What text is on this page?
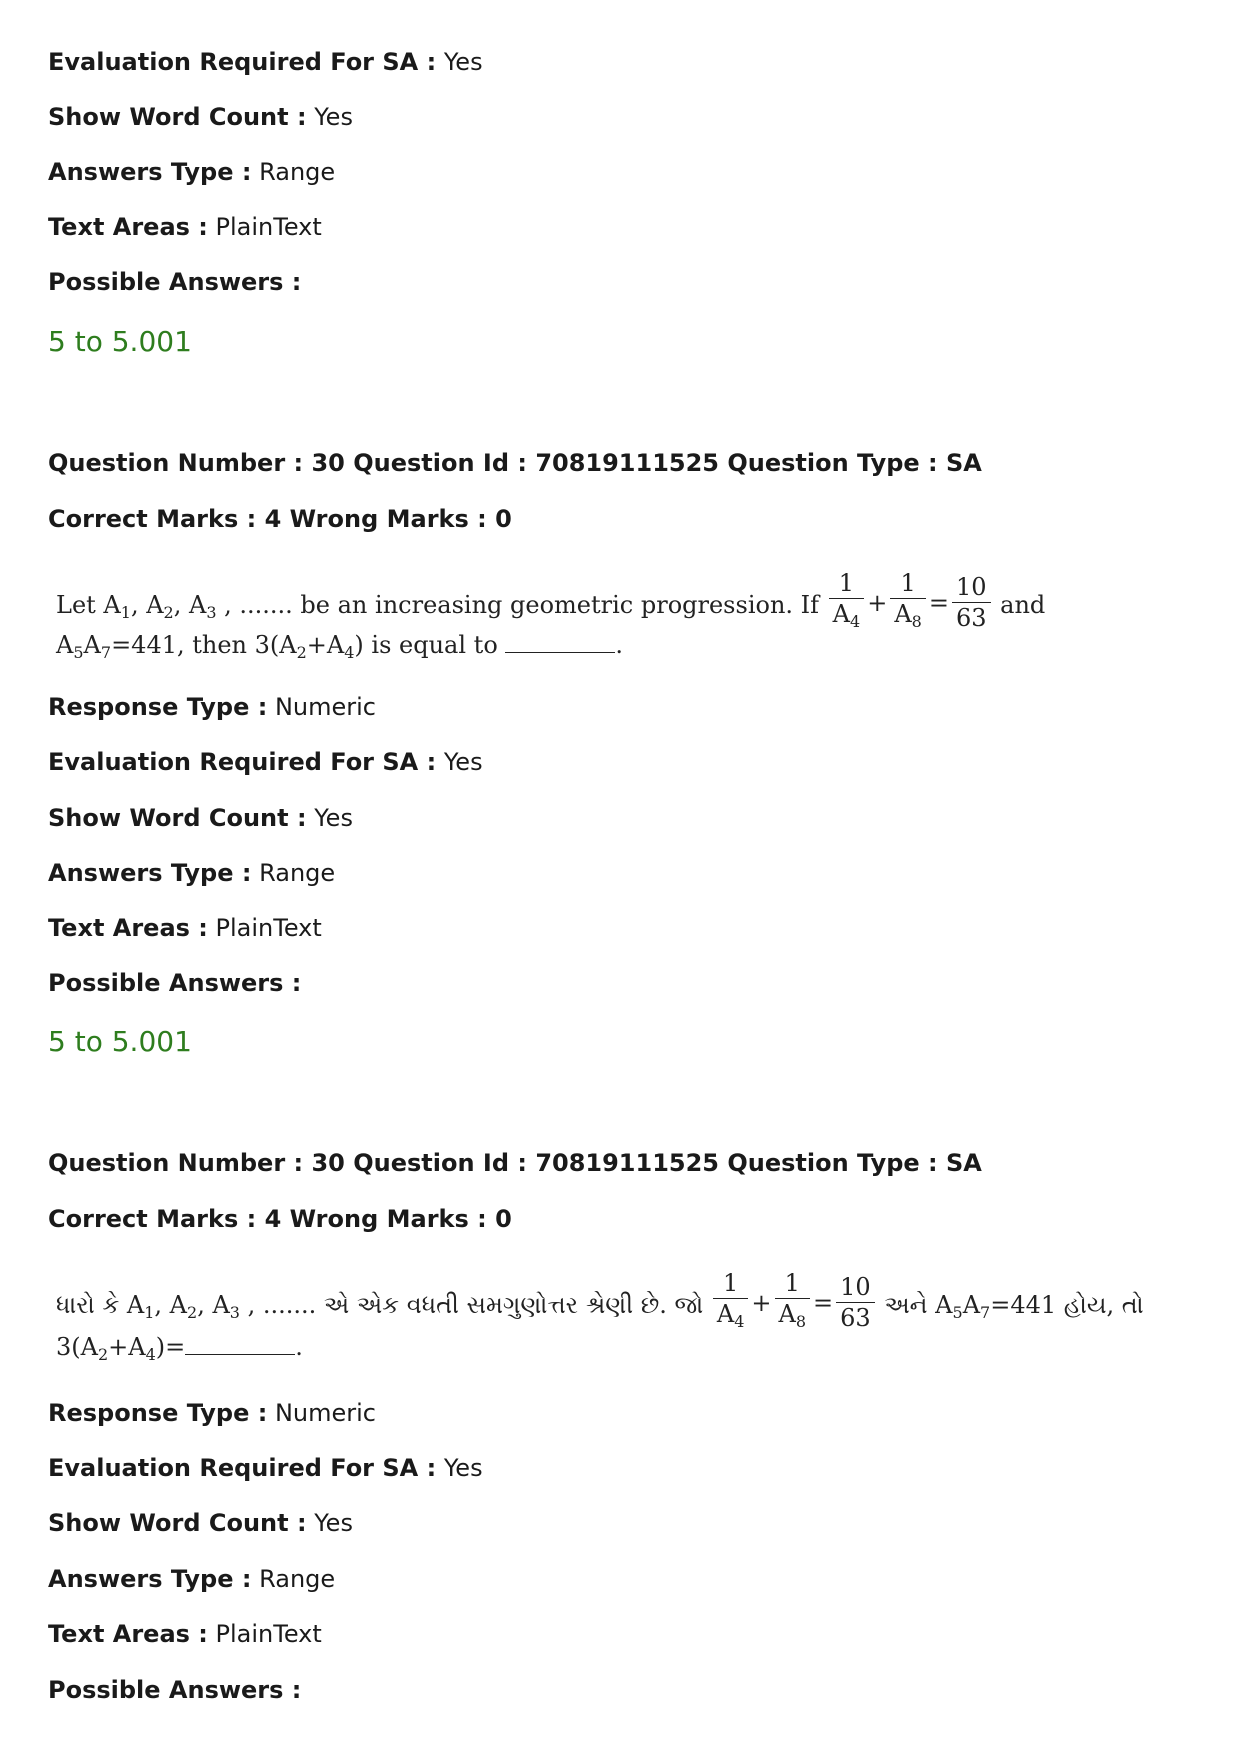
Evaluation Required For SA : Yes
Show Word Count : Yes
Answers Type : Range
Text Areas : PlainText
Possible Answers :
5 to 5.001
Question Number : 30 Question Id : 70819111525 Question Type : SA
Correct Marks : 4 Wrong Marks : 0
Let $A_1$, $A_2$, $A_3$ , ....... be an increasing geometric progression. If $\frac{1}{A_4} + \frac{1}{A_8} = \frac{10}{63}$ and
$A_5A_7=441$, then $3(A_2+A_4)$ is equal to	.
Response Type : Numeric
Evaluation Required For SA : Yes
Show Word Count : Yes
Answers Type : Range
Text Areas : PlainText
Possible Answers :
5 to 5.001
Question Number : 30 Question Id : 70819111525 Question Type : SA
Correct Marks : 4 Wrong Marks : 0
ધારો કે $A_1$, $A_2$, $A_3$ , ....... એ એક વધતી સમગુણોત્તર શ્રેણી છે. જો $\frac{1}{A_4} + \frac{1}{A_8} = \frac{10}{63}$ અને $A_5A_7=441$ હોય, તો
$3(A_2+A_4)=$	.
Response Type : Numeric
Evaluation Required For SA : Yes
Show Word Count : Yes
Answers Type : Range
Text Areas : PlainText
Possible Answers :
